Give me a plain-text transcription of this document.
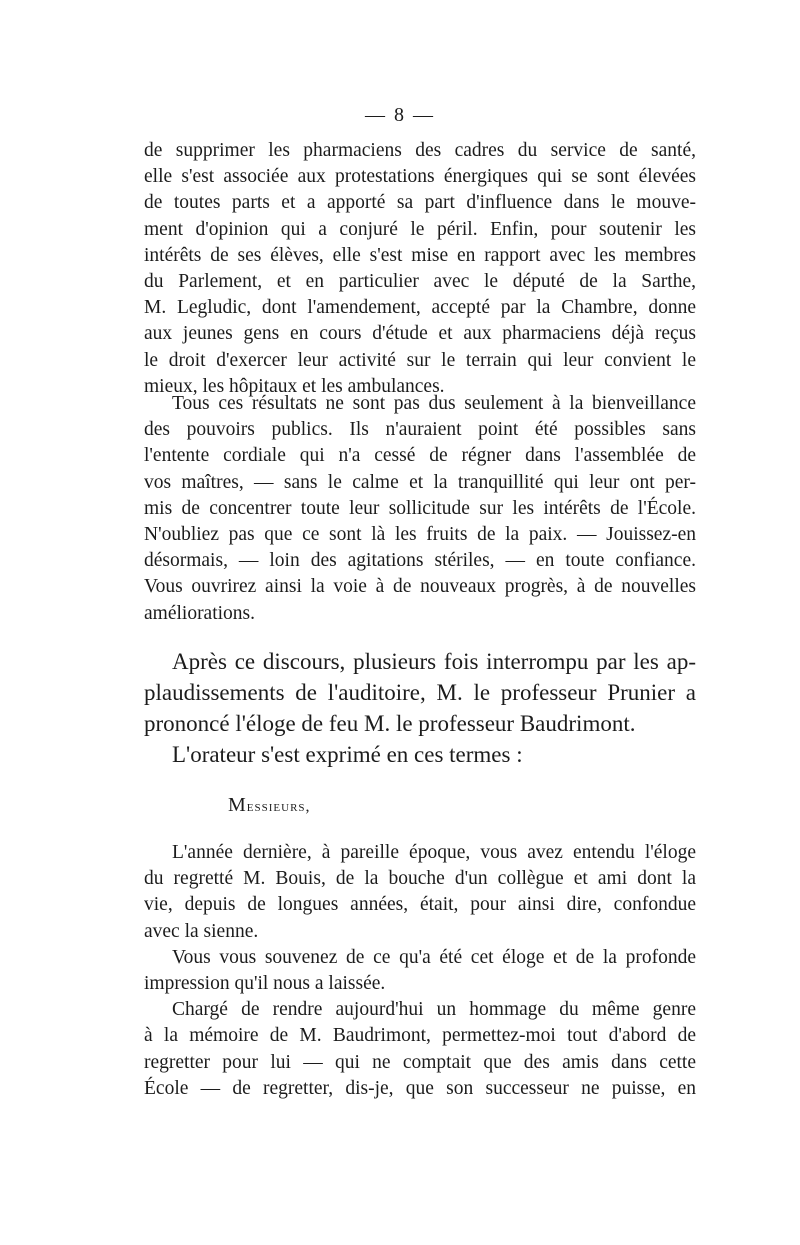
— 8 —

de supprimer les pharmaciens des cadres du service de santé,

elle s'est associée aux protestations énergiques qui se sont élevées

de toutes parts et a apporté sa part d'influence dans le mouve-

ment d'opinion qui a conjuré le péril. Enfin, pour soutenir les

intérêts de ses élèves, elle s'est mise en rapport avec les membres

du Parlement, et en particulier avec le député de la Sarthe,

M. Legludic, dont l'amendement, accepté par la Chambre, donne

aux jeunes gens en cours d'étude et aux pharmaciens déjà reçus

le droit d'exercer leur activité sur le terrain qui leur convient le

mieux, les hôpitaux et les ambulances.

Tous ces résultats ne sont pas dus seulement à la bienveillance

des pouvoirs publics. Ils n'auraient point été possibles sans

l'entente cordiale qui n'a cessé de régner dans l'assemblée de

vos maîtres, — sans le calme et la tranquillité qui leur ont per-

mis de concentrer toute leur sollicitude sur les intérêts de l'École.

N'oubliez pas que ce sont là les fruits de la paix. — Jouissez-en

désormais, — loin des agitations stériles, — en toute confiance.

Vous ouvrirez ainsi la voie à de nouveaux progrès, à de nouvelles

améliorations.

Après ce discours, plusieurs fois interrompu par les ap-

plaudissements de l'auditoire, M. le professeur Prunier a

prononcé l'éloge de feu M. le professeur Baudrimont.

L'orateur s'est exprimé en ces termes :

Messieurs,

L'année dernière, à pareille époque, vous avez entendu l'éloge

du regretté M. Bouis, de la bouche d'un collègue et ami dont la

vie, depuis de longues années, était, pour ainsi dire, confondue

avec la sienne.

Vous vous souvenez de ce qu'a été cet éloge et de la profonde

impression qu'il nous a laissée.

Chargé de rendre aujourd'hui un hommage du même genre

à la mémoire de M. Baudrimont, permettez-moi tout d'abord de

regretter pour lui — qui ne comptait que des amis dans cette

École — de regretter, dis-je, que son successeur ne puisse, en
